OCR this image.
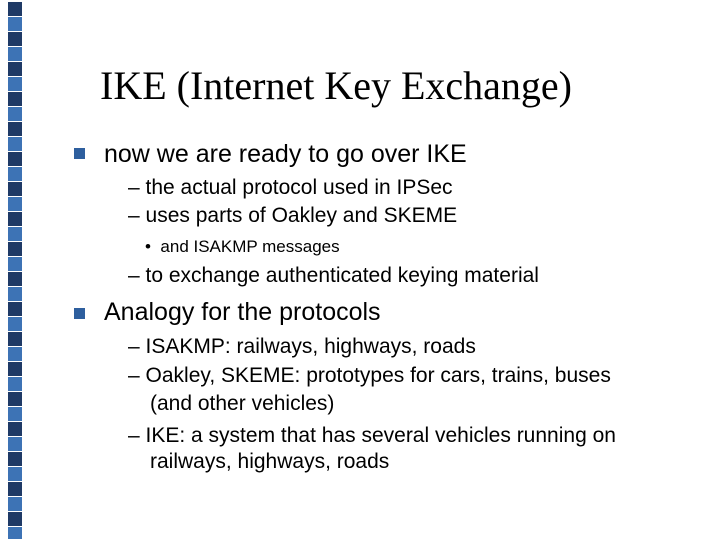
IKE (Internet Key Exchange)
now we are ready to go over IKE
– the actual protocol used in IPSec
– uses parts of Oakley and SKEME
• and ISAKMP messages
– to exchange authenticated keying material
Analogy for the protocols
– ISAKMP: railways, highways, roads
– Oakley, SKEME: prototypes for cars, trains, buses
(and other vehicles)
– IKE: a system that has several vehicles running on
railways, highways, roads
